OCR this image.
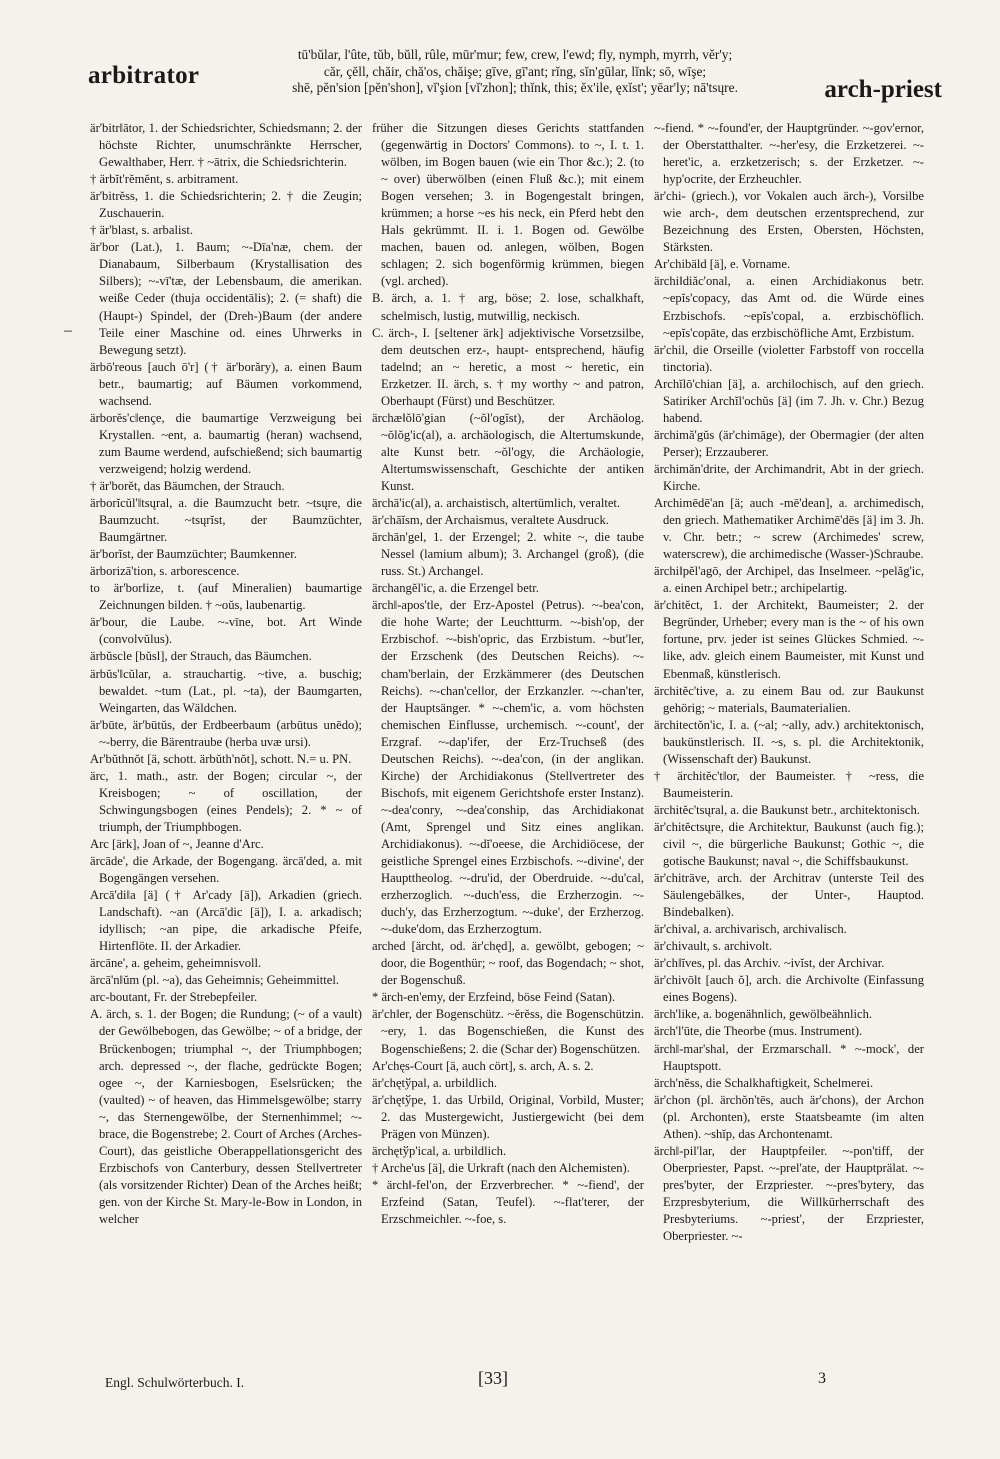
arbitrator
tū'bŭlar, l'ûte, tŭb, bŭll, rûle, mūr'mur; few, crew, l'ewd; fly, nymph, myrrh, věr'y;
căr, çĕll, chăir, chă'os, chăişe; gīve, gī'ant; rĭng, sĭn'gūlar, lĭnk; sō, wīşe;
shē, pĕn'sion [pĕn'shon], vĭ'şion [vĭ'zhon]; thĭnk, this; ĕx'ile, ęxĭst'; yēar'ly; nā'tsųre.	arch-priest
–

är'bitr‖ātor, 1. der Schiedsrichter, Schiedsmann; 2. der höchste Richter, unumschränkte Herrscher, Gewalthaber, Herr. † ~ātrix, die Schiedsrichterin.

† ärbĭt'rĕmĕnt, s. arbitrament.

är'bitrĕss, 1. die Schiedsrichterin; 2. † die Zeugin; Zuschauerin.

† är'blast, s. arbalist.

är'bor (Lat.), 1. Baum; ~-Dīa'næ, chem. der Dianabaum, Silberbaum (Krystallisation des Silbers); ~-vī'tæ, der Lebensbaum, die amerikan. weiße Ceder (thuja occidentālis); 2. (= shaft) die (Haupt-) Spindel, der (Dreh-)Baum (der andere Teile einer Maschine od. eines Uhrwerks in Bewegung setzt).

ärbō'reous [auch ō'r] († är'borăry), a. einen Baum betr., baumartig; auf Bäumen vorkommend, wachsend.

ärborĕs'c‖ençe, die baumartige Verzweigung bei Krystallen. ~ent, a. baumartig (heran) wachsend, zum Baume werdend, aufschießend; sich baumartig verzweigend; holzig werdend.

† är'borĕt, das Bäumchen, der Strauch.

ärborĭcŭl'‖tsųral, a. die Baumzucht betr. ~tsųre, die Baumzucht. ~tsųrĭst, der Baumzüchter, Baumgärtner.

är'borĭst, der Baumzüchter; Baumkenner.

ärborizā'tion, s. arborescence.

to är'bor‖ize, t. (auf Mineralien) baumartige Zeichnungen bilden. † ~oŭs, laubenartig.

är'bour, die Laube. ~-vīne, bot. Art Winde (convolvŭlus).

ärbŭscle [bŭsl], der Strauch, das Bäumchen.

ärbŭs'‖cŭlar, a. strauchartig. ~tive, a. buschig; bewaldet. ~tum (Lat., pl. ~ta), der Baumgarten, Weingarten, das Wäldchen.

är'būte, är'būtŭs, der Erdbeerbaum (arbūtus unēdo); ~-berry, die Bärentraube (herba uvæ ursi).

Ar'bŭthnŏt [ä, schott. ärbŭth'nŏt], schott. N.= u. PN.

ärc, 1. math., astr. der Bogen; circular ~, der Kreisbogen; ~ of oscillation, der Schwingungsbogen (eines Pendels); 2. * ~ of triumph, der Triumphbogen.

Arc [ärk], Joan of ~, Jeanne d'Arc.

ärcāde', die Arkade, der Bogengang. ärcā'ded, a. mit Bogengängen versehen.

Arcā'di‖a [ä] († Ar'cady [ä]), Arkadien (griech. Landschaft). ~an (Arcā'dic [ä]), I. a. arkadisch; idyllisch; ~an pipe, die arkadische Pfeife, Hirtenflöte. II. der Arkadier.

ärcāne', a. geheim, geheimnisvoll.

ärcā'n‖ŭm (pl. ~a), das Geheimnis; Geheimmittel.

arc-boutant, Fr. der Strebepfeiler.

A. ärch, s. 1. der Bogen; die Rundung; (~ of a vault) der Gewölbebogen, das Gewölbe; ~ of a bridge, der Brückenbogen; triumphal ~, der Triumphbogen; arch. depressed ~, der flache, gedrückte Bogen; ogee ~, der Karniesbogen, Eselsrücken; the (vaulted) ~ of heaven, das Himmelsgewölbe; starry ~, das Sternengewölbe, der Sternenhimmel; ~-brace, die Bogenstrebe; 2. Court of Arches (Arches-Court), das geistliche Oberappellationsgericht des Erzbischofs von Canterbury, dessen Stellvertreter (als vorsitzender Richter) Dean of the Arches heißt; gen. von der Kirche St. Mary-le-Bow in London, in welcher

früher die Sitzungen dieses Gerichts stattfanden (gegenwärtig in Doctors' Commons). to ~, I. t. 1. wölben, im Bogen bauen (wie ein Thor &c.); 2. (to ~ over) überwölben (einen Fluß &c.); mit einem Bogen versehen; 3. in Bogengestalt bringen, krümmen; a horse ~es his neck, ein Pferd hebt den Hals gekrümmt. II. i. 1. Bogen od. Gewölbe machen, bauen od. anlegen, wölben, Bogen schlagen; 2. sich bogenförmig krümmen, biegen (vgl. arched).

B. ärch, a. 1. † arg, böse; 2. lose, schalkhaft, schelmisch, lustig, mutwillig, neckisch.

C. ärch-, I. [seltener ärk] adjektivische Vorsetzsilbe, dem deutschen erz-, haupt- entsprechend, häufig tadelnd; an ~ heretic, a most ~ heretic, ein Erzketzer. II. ärch, s. † my worthy ~ and patron, Oberhaupt (Fürst) und Beschützer.

ärchæ‖ŏlō'gian (~ŏl'ogĭst), der Archäolog. ~ŏlŏg'ic(al), a. archäologisch, die Altertumskunde, alte Kunst betr. ~ŏl'ogy, die Archäologie, Altertumswissenschaft, Geschichte der antiken Kunst.

ärchā'ic(al), a. archaistisch, altertümlich, veraltet.

är'chāĭsm, der Archaismus, veraltete Ausdruck.

ärchān'gel, 1. der Erzengel; 2. white ~, die taube Nessel (lamium album); 3. Archangel (groß), (die russ. St.) Archangel.

ärchangĕl'ic, a. die Erzengel betr.

ärch‖-apos'tle, der Erz-Apostel (Petrus). ~-bea'con, die hohe Warte; der Leuchtturm. ~-bish'op, der Erzbischof. ~-bish'opric, das Erzbistum. ~but'ler, der Erzschenk (des Deutschen Reichs). ~-cham'berlain, der Erzkämmerer (des Deutschen Reichs). ~-chan'cellor, der Erzkanzler. ~-chan'ter, der Hauptsänger. * ~-chem'ic, a. vom höchsten chemischen Einflusse, urchemisch. ~-count', der Erzgraf. ~-dap'ifer, der Erz-Truchseß (des Deutschen Reichs). ~-dea'con, (in der anglikan. Kirche) der Archidiakonus (Stellvertreter des Bischofs, mit eigenem Gerichtshofe erster Instanz). ~-dea'conry, ~-dea'conship, das Archidiakonat (Amt, Sprengel und Sitz eines anglikan. Archidiakonus). ~-dĭ'oeese, die Archidiöcese, der geistliche Sprengel eines Erzbischofs. ~-divine', der Haupttheolog. ~-dru'id, der Oberdruide. ~-du'cal, erzherzoglich. ~-duch'ess, die Erzherzogin. ~-duch'y, das Erzherzogtum. ~-duke', der Erzherzog. ~-duke'dom, das Erzherzogtum.

arched [ärcht, od. är'chęd], a. gewölbt, gebogen; ~ door, die Bogenthür; ~ roof, das Bogendach; ~ shot, der Bogenschuß.

* ärch-en'emy, der Erzfeind, böse Feind (Satan).

är'ch‖er, der Bogenschütz. ~ĕrĕss, die Bogenschützin. ~ery, 1. das Bogenschießen, die Kunst des Bogenschießens; 2. die (Schar der) Bogenschützen.

Ar'chęs-Court [ä, auch cört], s. arch, A. s. 2.

är'chętўpal, a. urbildlich.

är'chętўpe, 1. das Urbild, Original, Vorbild, Muster; 2. das Mustergewicht, Justiergewicht (bei dem Prägen von Münzen).

ärchętўp'ical, a. urbildlich.

† Arche'us [ä], die Urkraft (nach den Alchemisten).

* ärch‖-fel'on, der Erzverbrecher. * ~-fiend', der Erzfeind (Satan, Teufel). ~-flat'terer, der Erzschmeichler. ~-foe, s.

~-fiend. * ~-found'er, der Hauptgründer. ~-gov'ernor, der Oberstatthalter. ~-her'esy, die Erzketzerei. ~-heret'ic, a. erzketzerisch; s. der Erzketzer. ~-hyp'ocrite, der Erzheuchler.

är'chi- (griech.), vor Vokalen auch ärch-), Vorsilbe wie arch-, dem deutschen erzentsprechend, zur Bezeichnung des Ersten, Obersten, Höchsten, Stärksten.

Ar'chibäld [ä], e. Vorname.

ärchi‖diăc'onal, a. einen Archidiakonus betr. ~epĭs'copacy, das Amt od. die Würde eines Erzbischofs. ~epĭs'copal, a. erzbischöflich. ~epĭs'copāte, das erzbischöfliche Amt, Erzbistum.

är'chil, die Orseille (violetter Farbstoff von roccella tinctoria).

Archĭlō'chian [ä], a. archilochisch, auf den griech. Satiriker Archĭl'ochŭs [ä] (im 7. Jh. v. Chr.) Bezug habend.

ärchimă'gŭs (är'chimāge), der Obermagier (der alten Perser); Erzzauberer.

ärchimăn'drite, der Archimandrit, Abt in der griech. Kirche.

Archimēdē'an [ä; auch -mē'dean], a. archimedisch, den griech. Mathematiker Archimē'dēs [ä] im 3. Jh. v. Chr. betr.; ~ screw (Archimedes' screw, waterscrew), die archimedische (Wasser-)Schraube.

ärchi‖pĕl'agō, der Archipel, das Inselmeer. ~pelăg'ic, a. einen Archipel betr.; archipelartig.

är'chitĕct, 1. der Architekt, Baumeister; 2. der Begründer, Urheber; every man is the ~ of his own fortune, prv. jeder ist seines Glückes Schmied. ~-like, adv. gleich einem Baumeister, mit Kunst und Ebenmaß, künstlerisch.

ärchitĕc'tive, a. zu einem Bau od. zur Baukunst gehörig; ~ materials, Baumaterialien.

ärchitectŏn'ic, I. a. (~al; ~ally, adv.) architektonisch, baukünstlerisch. II. ~s, s. pl. die Architektonik, (Wissenschaft der) Baukunst.

† ärchitĕc't‖or, der Baumeister. † ~ress, die Baumeisterin.

ärchitĕc'tsųral, a. die Baukunst betr., architektonisch.

är'chitĕctsųre, die Architektur, Baukunst (auch fig.); civil ~, die bürgerliche Baukunst; Gothic ~, die gotische Baukunst; naval ~, die Schiffsbaukunst.

är'chitrāve, arch. der Architrav (unterste Teil des Säulengebälkes, der Unter-, Hauptod. Bindebalken).

är'chival, a. archivarisch, archivalisch.

är'chivault, s. archivolt.

är'ch‖ĭves, pl. das Archiv. ~ivĭst, der Archivar.

är'chivōlt [auch ŏ], arch. die Archivolte (Einfassung eines Bogens).

ärch'like, a. bogenähnlich, gewölbeähnlich.

ärch'l'ūte, die Theorbe (mus. Instrument).

ärch‖-mar'shal, der Erzmarschall. * ~-mock', der Hauptspott.

ärch'nĕss, die Schalkhaftigkeit, Schelmerei.

är'chon (pl. ärchŏn'tēs, auch är'chons), der Archon (pl. Archonten), erste Staatsbeamte (im alten Athen). ~shĭp, das Archontenamt.

ärch‖-pil'lar, der Hauptpfeiler. ~-pon'tiff, der Oberpriester, Papst. ~-prel'ate, der Hauptprälat. ~-pres'byter, der Erzpriester. ~-pres'bytery, das Erzpresbyterium, die Willkürherrschaft des Presbyteriums. ~-priest', der Erzpriester, Oberpriester. ~-

Engl. Schulwörterbuch. I.	[33]	3
